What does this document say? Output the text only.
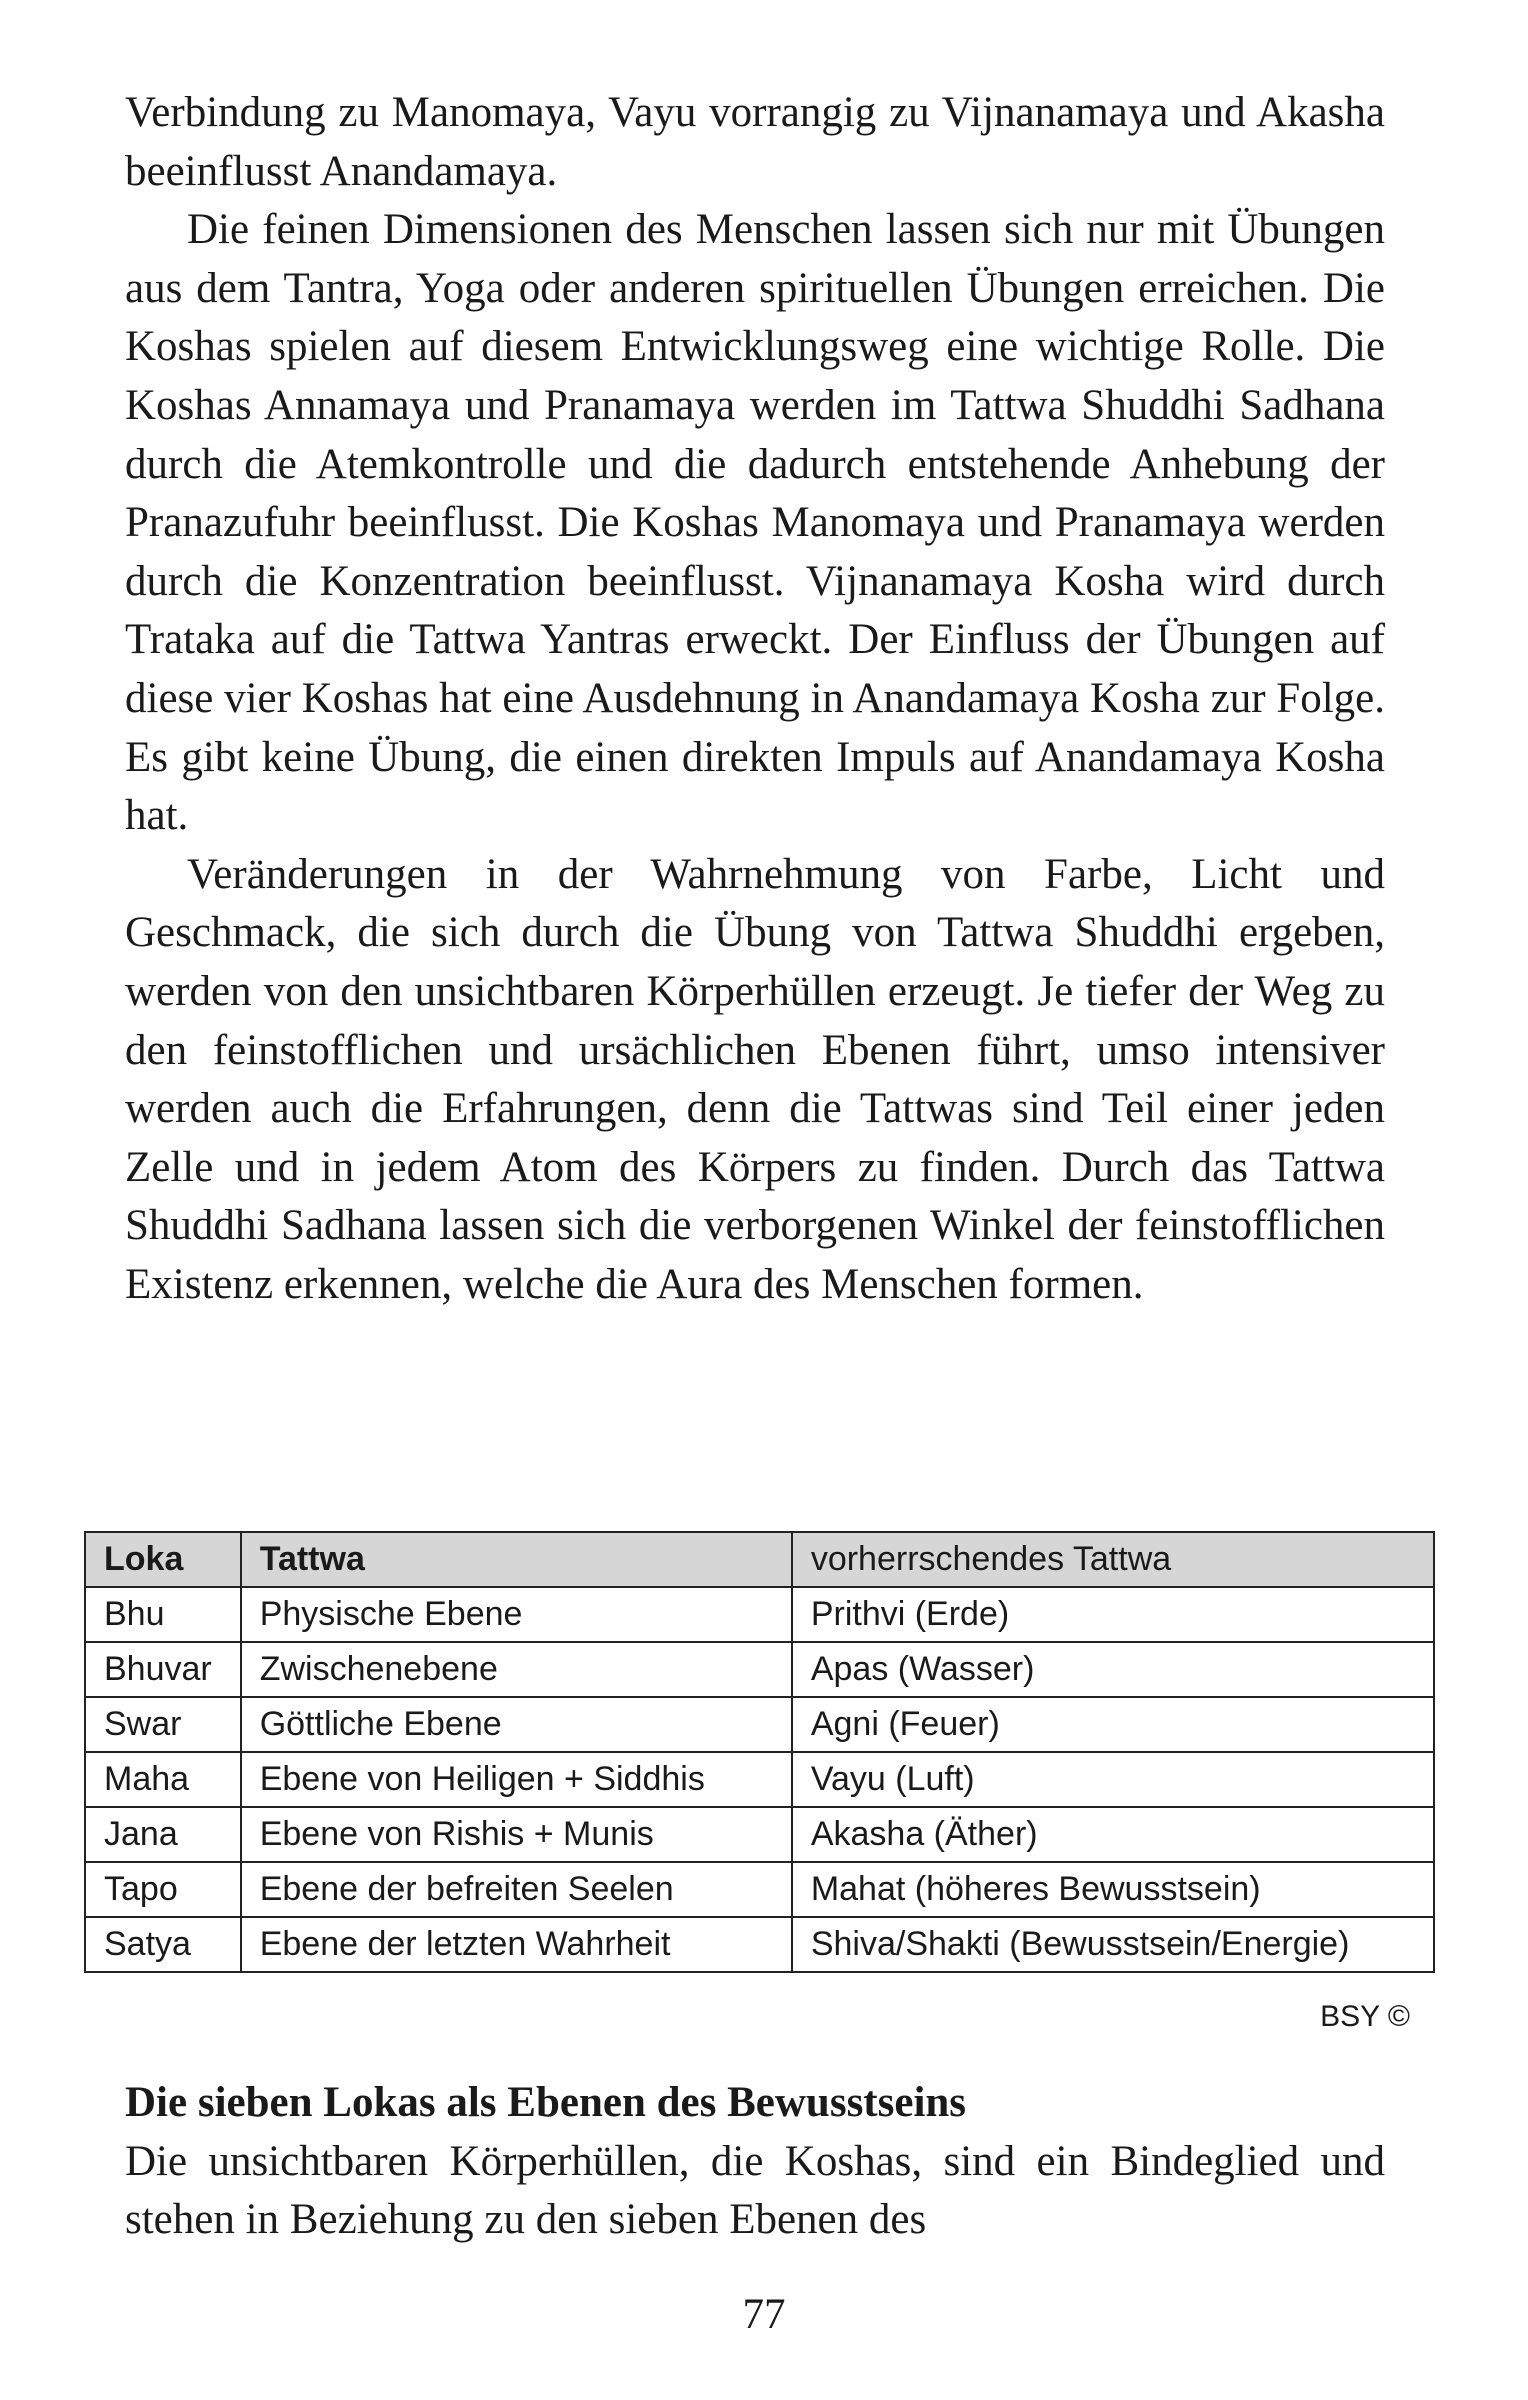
Verbindung zu Manomaya, Vayu vorrangig zu Vijnanamaya und Akasha beeinflusst Anandamaya.

Die feinen Dimensionen des Menschen lassen sich nur mit Übungen aus dem Tantra, Yoga oder anderen spirituellen Übungen erreichen. Die Koshas spielen auf diesem Entwicklungsweg eine wichtige Rolle. Die Koshas Annamaya und Pranamaya werden im Tattwa Shuddhi Sadhana durch die Atemkontrolle und die dadurch entstehende Anhebung der Pranazufuhr beeinflusst. Die Koshas Manomaya und Pranamaya werden durch die Konzentration beeinflusst. Vijnanamaya Kosha wird durch Trataka auf die Tattwa Yantras erweckt. Der Einfluss der Übungen auf diese vier Koshas hat eine Ausdehnung in Anandamaya Kosha zur Folge. Es gibt keine Übung, die einen direkten Impuls auf Anandamaya Kosha hat.

Veränderungen in der Wahrnehmung von Farbe, Licht und Geschmack, die sich durch die Übung von Tattwa Shuddhi ergeben, werden von den unsichtbaren Körperhüllen erzeugt. Je tiefer der Weg zu den feinstofflichen und ursächlichen Ebenen führt, umso intensiver werden auch die Erfahrungen, denn die Tattwas sind Teil einer jeden Zelle und in jedem Atom des Körpers zu finden. Durch das Tattwa Shuddhi Sadhana lassen sich die verborgenen Winkel der feinstofflichen Existenz erkennen, welche die Aura des Menschen formen.

Loka	Tattwa	vorherrschendes Tattwa
Bhu	Physische Ebene	Prithvi (Erde)
Bhuvar	Zwischenebene	Apas (Wasser)
Swar	Göttliche Ebene	Agni (Feuer)
Maha	Ebene von Heiligen + Siddhis	Vayu (Luft)
Jana	Ebene von Rishis + Munis	Akasha (Äther)
Tapo	Ebene der befreiten Seelen	Mahat (höheres Bewusstsein)
Satya	Ebene der letzten Wahrheit	Shiva/Shakti (Bewusstsein/Energie)
BSY ©
Die sieben Lokas als Ebenen des Bewusstseins

Die unsichtbaren Körperhüllen, die Koshas, sind ein Bindeglied und stehen in Beziehung zu den sieben Ebenen des

77
